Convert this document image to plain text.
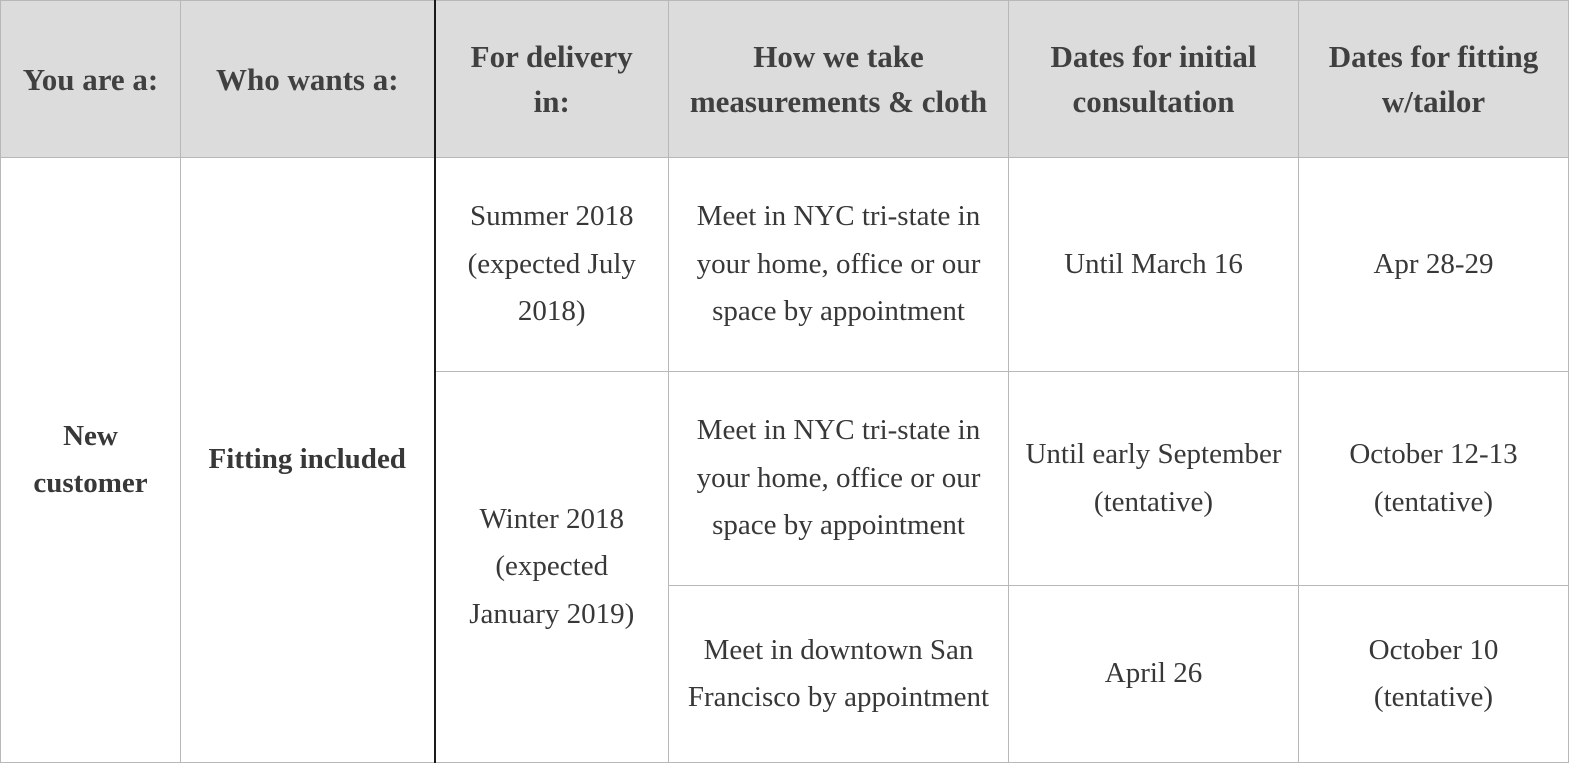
You are a:	Who wants a:	For delivery in:	How we take measurements & cloth	Dates for initial consultation	Dates for fitting w/tailor

New customer	Fitting included	Summer 2018 (expected July 2018)	Meet in NYC tri-state in your home, office or our space by appointment	Until March 16	Apr 28-29
		Winter 2018 (expected January 2019)	Meet in NYC tri-state in your home, office or our space by appointment	Until early September (tentative)	October 12-13 (tentative)
			Meet in downtown San Francisco by appointment	April 26	October 10 (tentative)
